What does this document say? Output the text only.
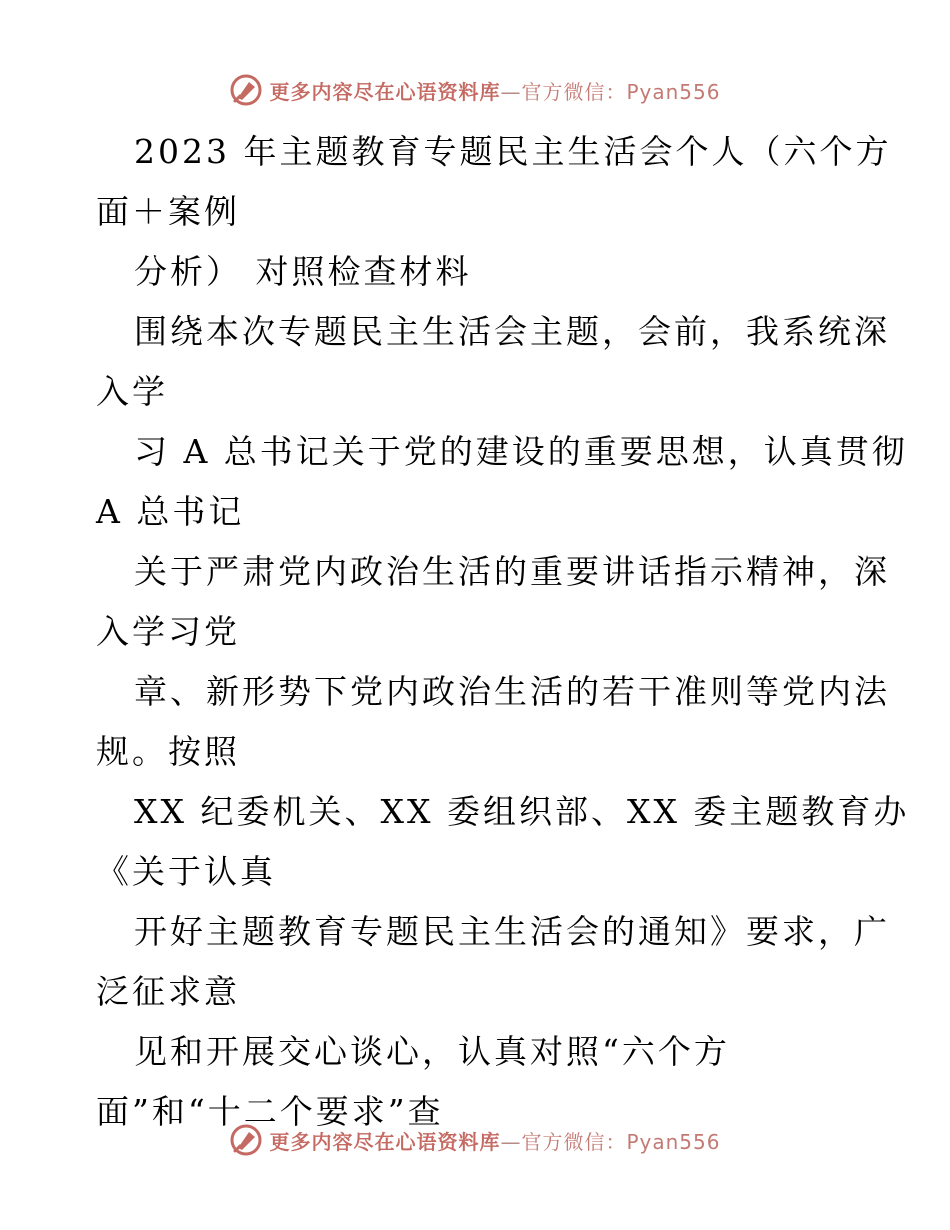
更多内容尽在心语资料库—官方微信：Pyan556

2023 年主题教育专题民主生活会个人（六个方

面＋案例

分析） 对照检查材料

围绕本次专题民主生活会主题，会前，我系统深

入学

习 A 总书记关于党的建设的重要思想，认真贯彻

A 总书记

关于严肃党内政治生活的重要讲话指示精神，深

入学习党

章、新形势下党内政治生活的若干准则等党内法

规。按照

XX 纪委机关、XX 委组织部、XX 委主题教育办

《关于认真

开好主题教育专题民主生活会的通知》要求，广

泛征求意

见和开展交心谈心，认真对照“六个方

面”和“十二个要求”查

更多内容尽在心语资料库—官方微信：Pyan556
